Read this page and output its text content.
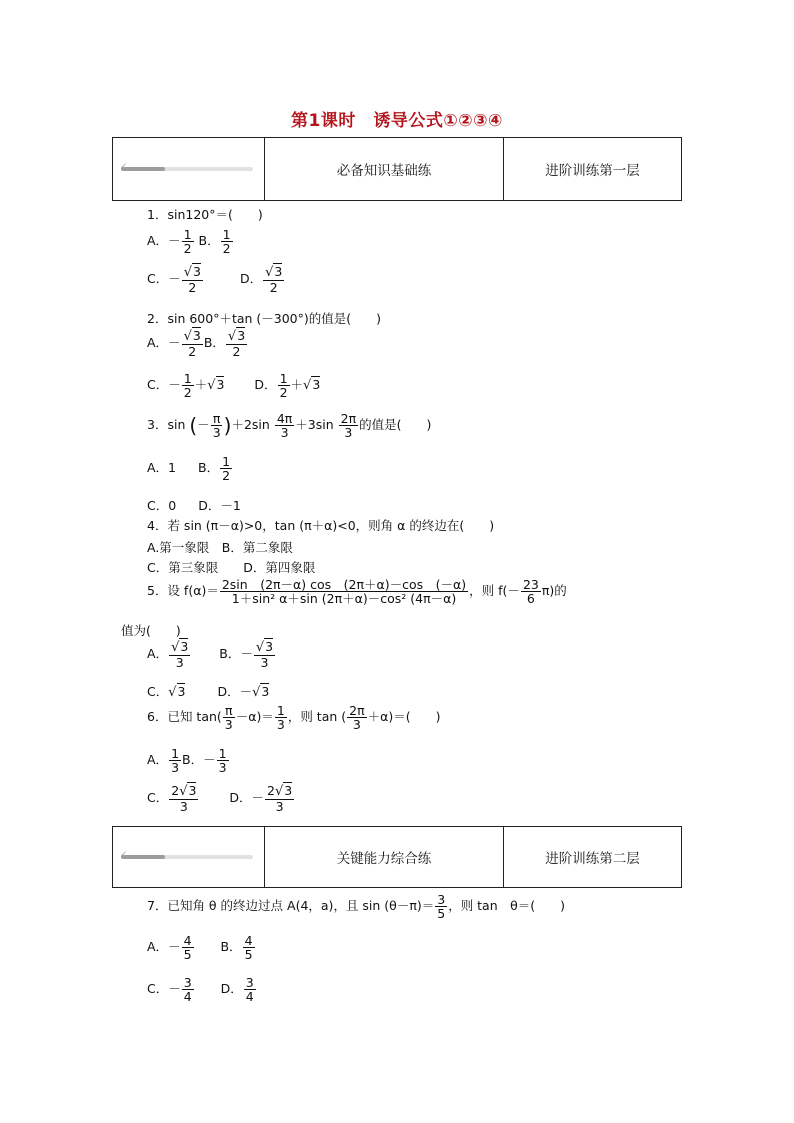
第1课时　诱导公式①②③④
✓	必备知识基础练	进阶训练第一层
1．sin120°＝(　　)
A．－ $\frac{1}{2}$ B． $\frac{1}{2}$
C．－ $\frac{√3}{2}$	D． $\frac{√3}{2}$
2．sin 600°＋tan (－300°)的值是(　　)
A．－ $\frac{√3}{2}$ B． $\frac{√3}{2}$
C．－ $\frac{1}{2} +√3$ D． $\frac{1}{2} +√3$
3．sin (－ $\frac{\pi}{3} )+2\sin \frac{4\pi}{3} +3\sin \frac{2\pi}{3}$ 的值是(　　)
A．1 B． $\frac{1}{2}$
C．0 D．－1
4．若 sin (π－α)>0，tan (π＋α)<0，则角 α 的终边在(　　)
A.第一象限　B．第二象限
C．第三象限　　D．第四象限
5．设 $f(\alpha)= \frac{2\sin (2\pi-\alpha) \cos (2\pi+\alpha)-\cos (-\alpha)}{\text{1＋sin² α＋sin (2π＋α)－cos² (4π－α)}}$ ，则 $f(- \frac{23}{6} \pi)$的
值为(　　)
A． $\frac{√3}{3}$ B．－ $\frac{√3}{3}$
C．√3	D．－√3
6．已知 $\tan( \frac{\pi}{3} -\alpha)= \frac{1}{3}$ ，则 tan ( $\frac{2\pi}{3} +\alpha)=$(　　)
A． $\frac{1}{3}$ B．－ $\frac{1}{3}$
C． $\frac{2√3}{3}$ D．－ $\frac{2√3}{3}$
✓	关键能力综合练	进阶训练第二层
7．已知角 θ 的终边过点 A(4，a)，且 $\sin (\theta-\pi)= \frac{3}{5}$ ，则 tan　θ＝(　　)
A．－ $\frac{4}{5}$ B． $\frac{4}{5}$
C．－ $\frac{3}{4}$ D． $\frac{3}{4}$
